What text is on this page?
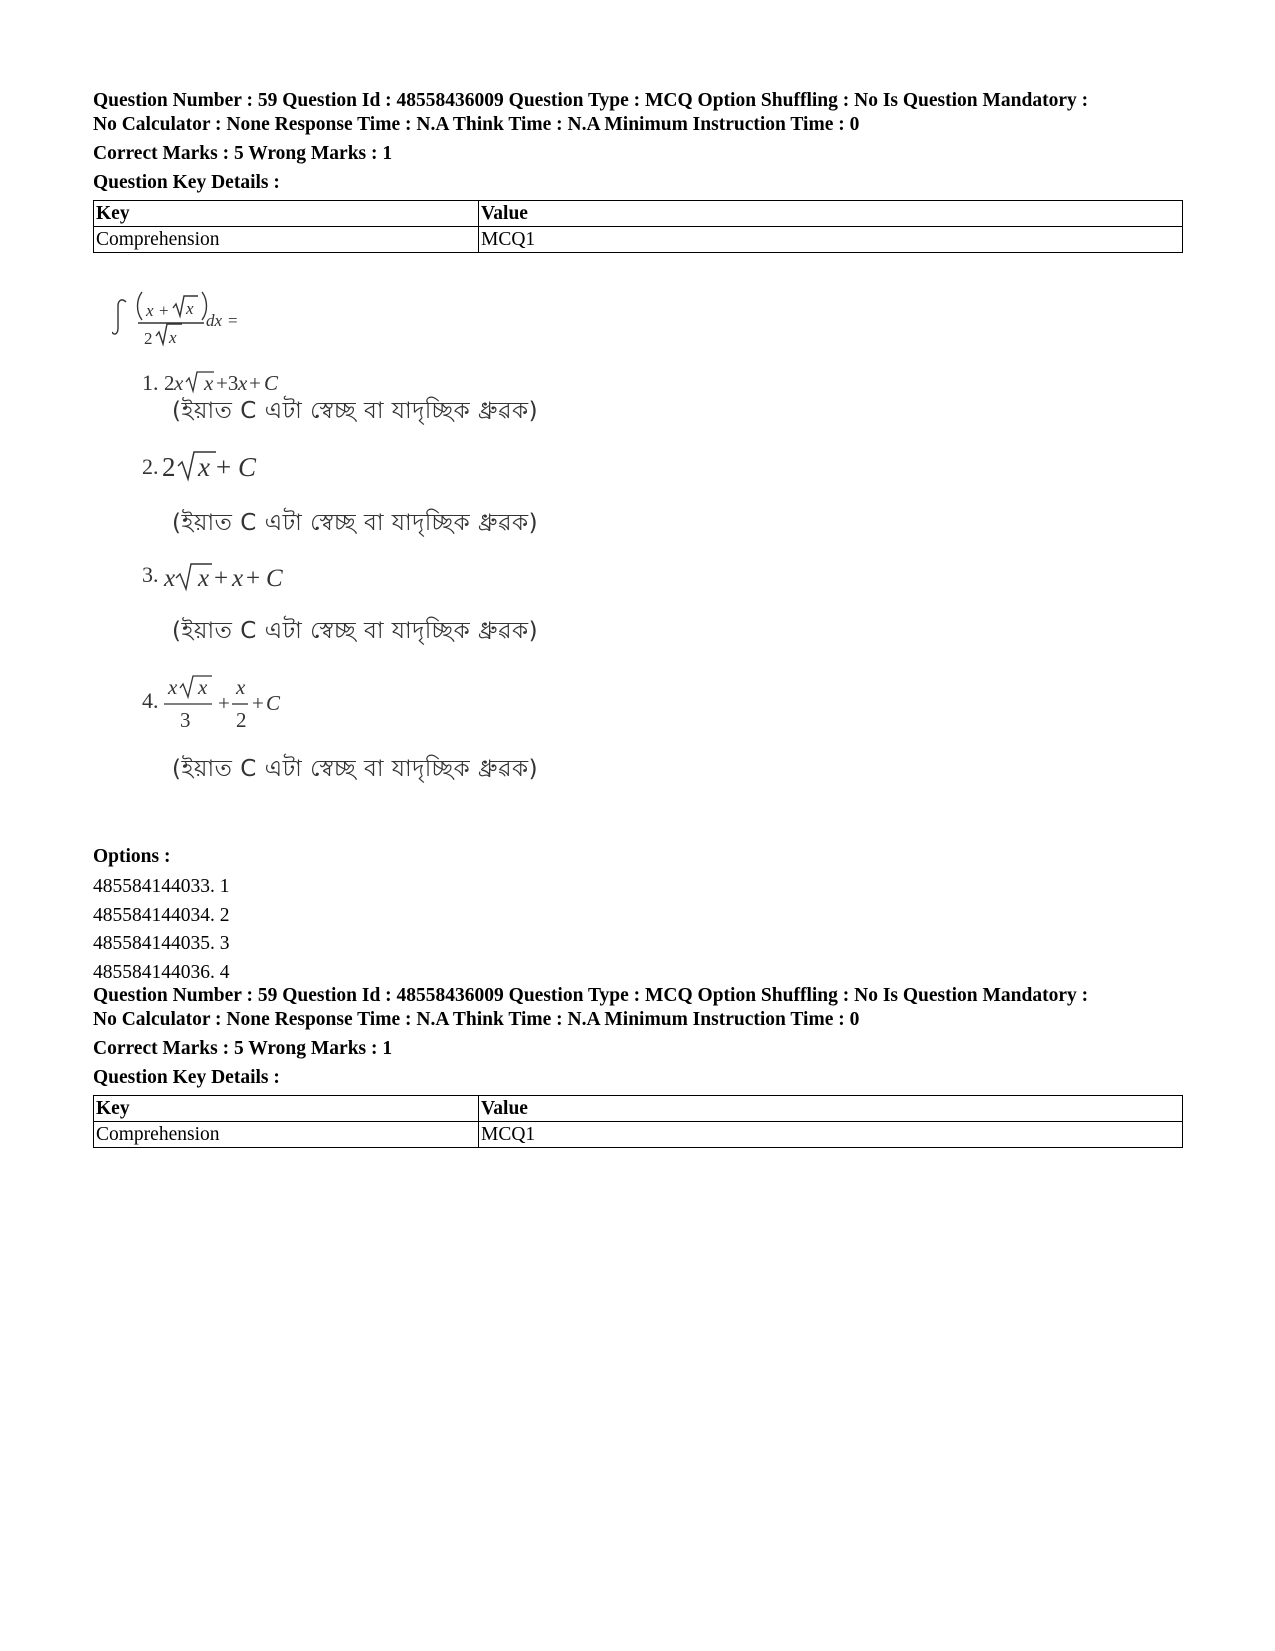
Question Number : 59 Question Id : 48558436009 Question Type : MCQ Option Shuffling : No Is Question Mandatory :
No Calculator : None Response Time : N.A Think Time : N.A Minimum Instruction Time : 0
Correct Marks : 5 Wrong Marks : 1
Question Key Details :
Key	Value
Comprehension	MCQ1
x + x
2 x
dx =
1. 2 x x +3 x + C
2. 2 x + C
3. x x + x + C
4.
x x
3
+
x
2
+ C
(ইয়াত C এটা স্বেচ্ছ বা যাদৃচ্ছিক ধ্রুৱক)
(ইয়াত C এটা স্বেচ্ছ বা যাদৃচ্ছিক ধ্রুৱক)
(ইয়াত C এটা স্বেচ্ছ বা যাদৃচ্ছিক ধ্রুৱক)
(ইয়াত C এটা স্বেচ্ছ বা যাদৃচ্ছিক ধ্রুৱক)
Options :
485584144033. 1
485584144034. 2
485584144035. 3
485584144036. 4
Question Number : 59 Question Id : 48558436009 Question Type : MCQ Option Shuffling : No Is Question Mandatory :
No Calculator : None Response Time : N.A Think Time : N.A Minimum Instruction Time : 0
Correct Marks : 5 Wrong Marks : 1
Question Key Details :
Key	Value
Comprehension	MCQ1
